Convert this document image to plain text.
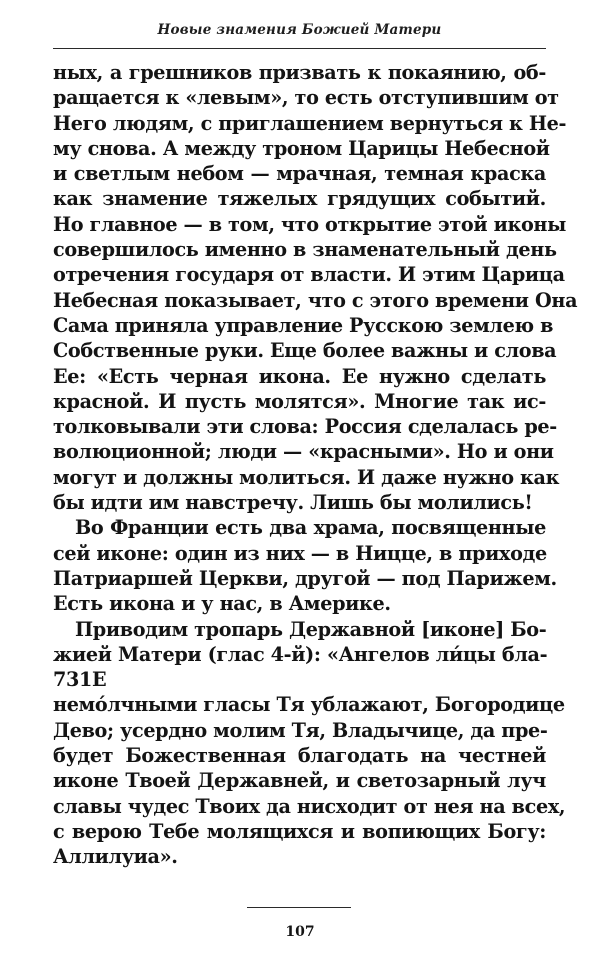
Новые знамения Божией Матери
ных, а грешников призвать к покаянию, об-
ращается к «левым», то есть отступившим от
Него людям, с приглашением вернуться к Не-
му снова. А между троном Царицы Небесной
и светлым небом — мрачная, темная краска
как знамение тяжелых грядущих событий.
Но главное — в том, что открытие этой иконы
совершилось именно в знаменательный день
отречения государя от власти. И этим Царица
Небесная показывает, что с этого времени Она
Сама приняла управление Русскою землею в
Собственные руки. Еще более важны и слова
Ее: «Есть черная икона. Ее нужно сделать
красной. И пусть молятся». Многие так ис-
толковывали эти слова: Россия сделалась ре-
волюционной; люди — «красными». Но и они
могут и должны молиться. И даже нужно как
бы идти им навстречу. Лишь бы молились!
Во Франции есть два храма, посвященные
сей иконе: один из них — в Ницце, в приходе
Патриаршей Церкви, другой — под Парижем.
Есть икона и у нас, в Америке.
Приводим тропарь Державной [иконе] Бо-
жией Матери (глас 4-й): «Ангелов ли́цы бла-
731E
немо́лчными гласы Тя ублажают, Богородице
Дево; усердно молим Тя, Владычице, да пре-
будет Божественная благодать на честней
иконе Твоей Державней, и светозарный луч
славы чудес Твоих да нисходит от нея на всех,
с верою Тебе молящихся и вопиющих Богу:
Аллилуиа».
107
